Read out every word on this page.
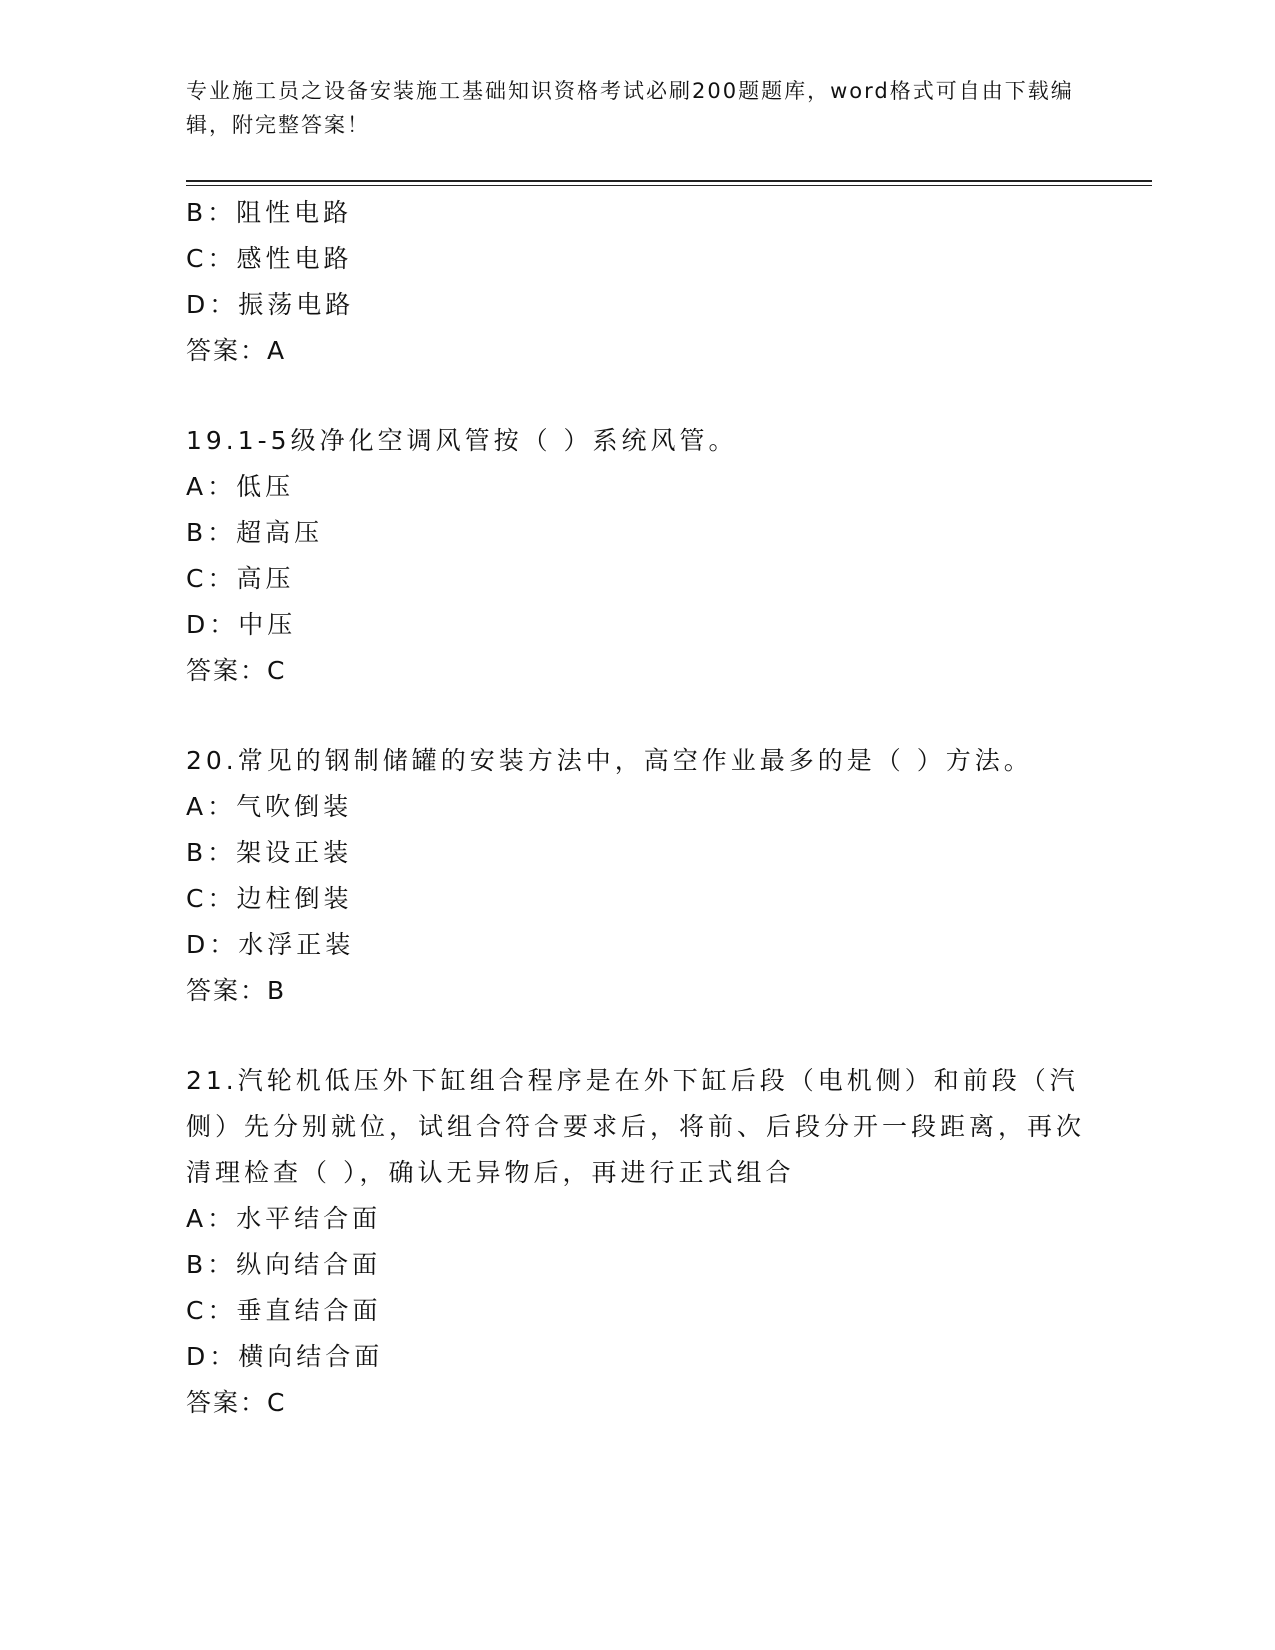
专业施工员之设备安装施工基础知识资格考试必刷200题题库，word格式可自由下载编辑，附完整答案！
B：阻性电路
C：感性电路
D：振荡电路
答案：A
19.1-5级净化空调风管按（ ）系统风管。
A：低压
B：超高压
C：高压
D：中压
答案：C
20.常见的钢制储罐的安装方法中，高空作业最多的是（ ）方法。
A：气吹倒装
B：架设正装
C：边柱倒装
D：水浮正装
答案：B
21.汽轮机低压外下缸组合程序是在外下缸后段（电机侧）和前段（汽侧）先分别就位，试组合符合要求后，将前、后段分开一段距离，再次清理检查（ ），确认无异物后，再进行正式组合
A：水平结合面
B：纵向结合面
C：垂直结合面
D：横向结合面
答案：C
